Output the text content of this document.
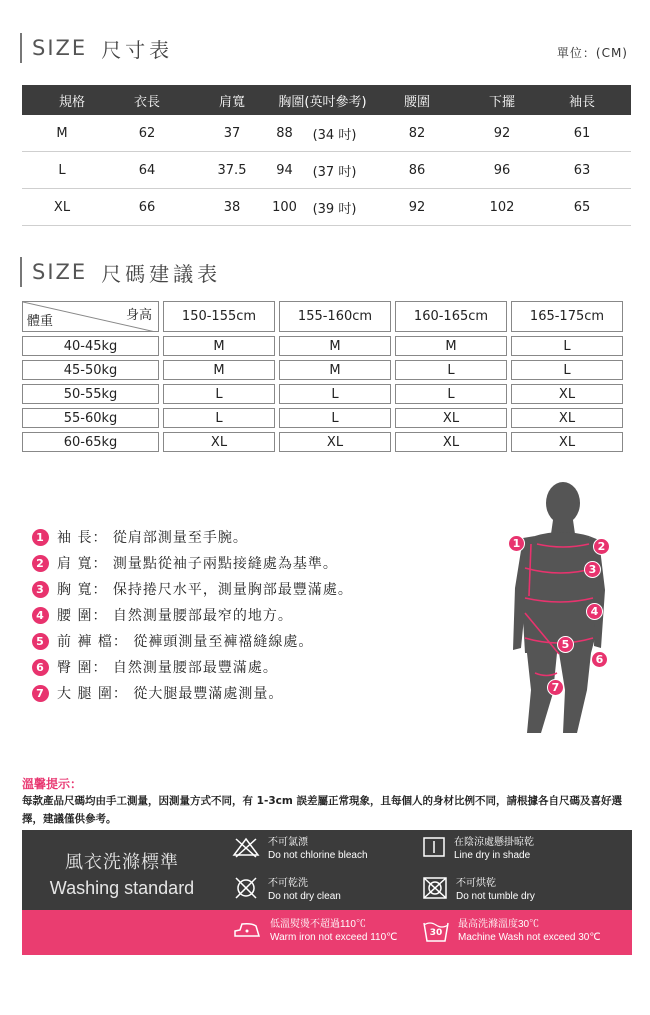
SIZE 尺寸表	單位：(CM)
規格	衣長	肩寬	胸圍(英吋參考)	腰圍	下擺	袖長
M	62	37	88	(34 吋)	82	92	61
L	64	37.5	94	(37 吋)	86	96	63
XL	66	38	100	(39 吋)	92	102	65
SIZE 尺碼建議表
身高
體重	150-155cm	155-160cm	160-165cm	165-175cm
40-45kg	M	M	M	L
45-50kg	M	M	L	L
50-55kg	L	L	L	XL
55-60kg	L	L	XL	XL
60-65kg	XL	XL	XL	XL
1 袖 長： 從肩部測量至手腕。
2 肩 寬： 測量點從袖子兩點接縫處為基準。
3 胸 寬： 保持捲尺水平，測量胸部最豐滿處。
4 腰 圍： 自然測量腰部最窄的地方。
5 前 褲 檔： 從褲頭測量至褲襠縫線處。
6 臀 圍： 自然測量腰部最豐滿處。
7 大 腿 圍： 從大腿最豐滿處測量。
1	2
3
4
5
6
7
溫馨提示：
每款產品尺碼均由手工測量，因測量方式不同，有 1-3cm 誤差屬正常現象，且每個人的身材比例不同，請根據各自尺碼及喜好選擇，建議僅供參考。
風衣洗滌標準
Washing standard
不可氯漂
Do not chlorine bleach
在陰涼處懸掛晾乾
Line dry in shade
不可乾洗
Do not dry clean
不可烘乾
Do not tumble dry
低溫熨燙不超過110℃
Warm iron not exceed 110℃	30
最高洗滌溫度30℃
Machine Wash not exceed 30℃
